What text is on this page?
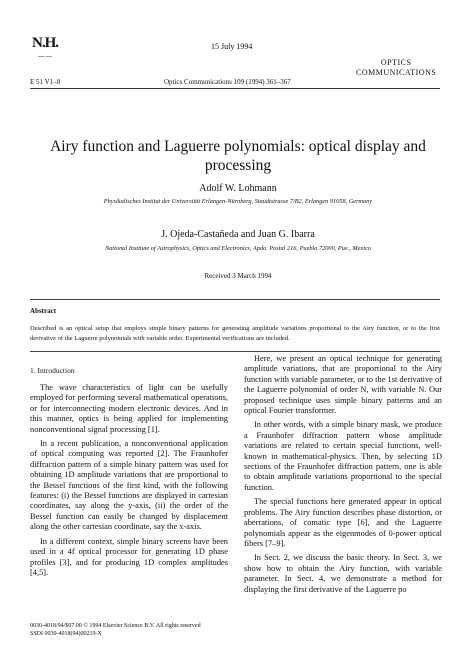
N.H.
— —
E 51 V1–8
15 July 1994
OPTICS
COMMUNICATIONS
Optics Communications 109 (1994) 361–367
Airy function and Laguerre polynomials: optical display and processing
Adolf W. Lohmann
Physikalisches Institut der Universität Erlangen-Nürnberg, Staudtstrasse 7/B2, Erlangen 91058, Germany
J. Ojeda-Castañeda and Juan G. Ibarra
National Institute of Astrophysics, Optics and Electronics, Apdo. Postal 216, Puebla 72000, Pue., Mexico
Received 3 March 1994
Abstract
Described is an optical setup that employs simple binary patterns for generating amplitude variations proportional to the Airy function, or to the first derivative of the Laguerre polynomials with variable order. Experimental verifications are included.
1. Introduction

The wave characteristics of light can be usefully employed for performing several mathematical operations, or for interconnecting modern electronic devices. And in this manner, optics is being applied for implementing nonconventional signal processing [1].

In a recent publication, a nonconventional application of optical computing was reported [2]. The Fraunhofer diffraction pattern of a simple binary pattern was used for obtaining 1D amplitude variations that are proportional to the Bessel functions of the first kind, with the following features: (i) the Bessel functions are displayed in cartesian coordinates, say along the y-axis, (ii) the order of the Bessel function can easily be changed by displacement along the other cartesian coordinate, say the x-axis.

In a different context, simple binary screens have been used in a 4f optical processor for generating 1D phase profiles [3], and for producing 1D complex amplitudes [4,5].

Here, we present an optical technique for generating amplitude variations, that are proportional to the Airy function with variable parameter, or to the 1st derivative of the Laguerre polynomial of order N, with variable N. Our proposed technique uses simple binary patterns and an optical Fourier transformer.

In other words, with a simple binary mask, we produce a Fraunhofer diffraction pattern whose amplitude variations are related to certain special functions, well-known in mathematical-physics. Then, by selecting 1D sections of the Fraunhofer diffraction pattern, one is able to obtain amplitude variations proportional to the special function.

The special functions here generated appear in optical problems. The Airy function describes phase distortion, or aberrations, of comatic type [6], and the Laguerre polynomials appear as the eigenmodes of 0-power optical fibers [7–9].

In Sect. 2, we discuss the basic theory. In Sect. 3, we show how to obtain the Airy function, with variable parameter. In Sect. 4, we demonstrate a method for displaying the first derivative of the Laguerre po

0030-4018/94/$07.00 © 1994 Elsevier Science B.V. All rights reserved
SSDI 0030-4018(94)00219-X
